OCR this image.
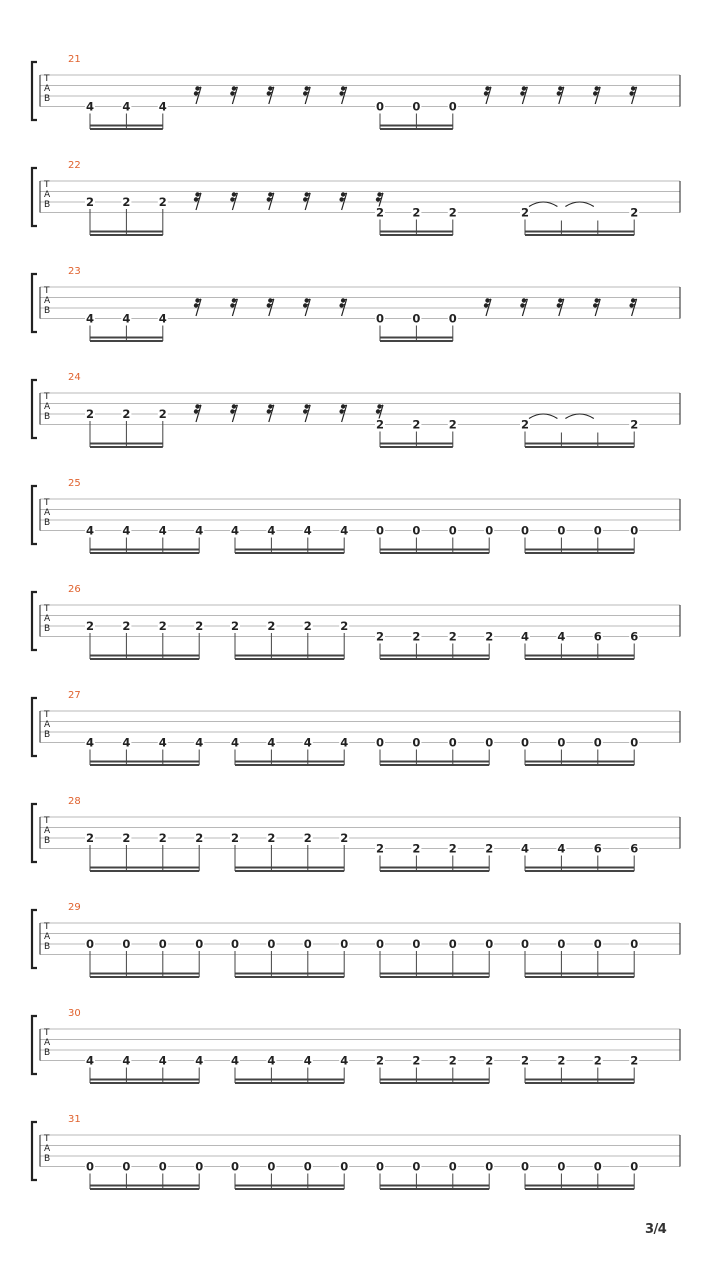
21
T
A
B
4 4 4	0 0 0
22
T
A
B	2 2 2
2 2 2	2	2
23
T
A
B
4 4 4	0 0 0
24
T
A
B	2 2 2
2 2 2	2	2
25
T
A
B
4 4 4 4 4 4 4 4 0 0 0 0 0 0 0 0
26
T
A
B	2 2 2 2 2 2 2 2
2 2 2 2 4 4 6 6
27
T
A
B
4 4 4 4 4 4 4 4 0 0 0 0 0 0 0 0
28
T
A
B	2 2 2 2 2 2 2 2
2 2 2 2 4 4 6 6
29
T
A
B	0 0 0 0 0 0 0 0 0 0 0 0 0 0 0 0
30
T
A
B
4 4 4 4 4 4 4 4 2 2 2 2 2 2 2 2
31
T
A
B
0 0 0 0 0 0 0 0 0 0 0 0 0 0 0 0
3/4
